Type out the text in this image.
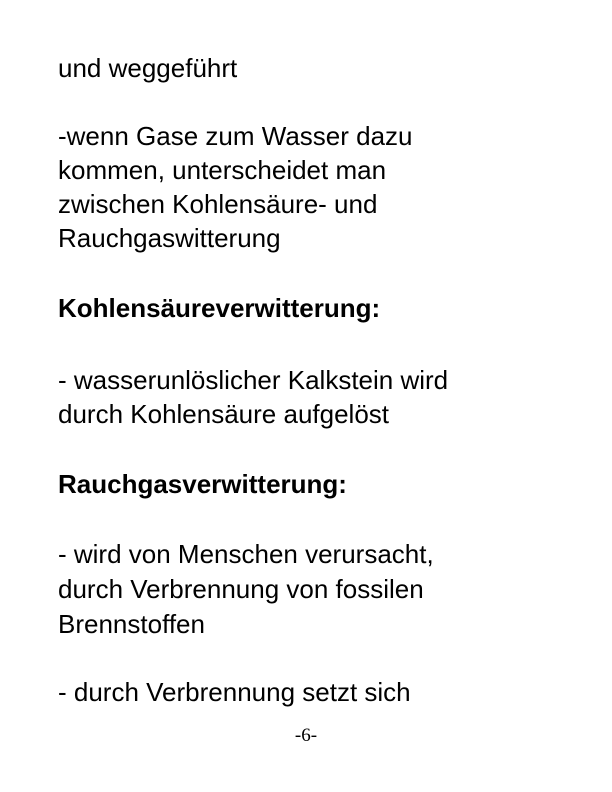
und weggeführt

-wenn Gase zum Wasser dazu

kommen, unterscheidet man

zwischen Kohlensäure- und

Rauchgaswitterung

Kohlensäureverwitterung:

- wasserunlöslicher Kalkstein wird

durch Kohlensäure aufgelöst

Rauchgasverwitterung:

- wird von Menschen verursacht,

durch Verbrennung von fossilen

Brennstoffen

- durch Verbrennung setzt sich

-6-
